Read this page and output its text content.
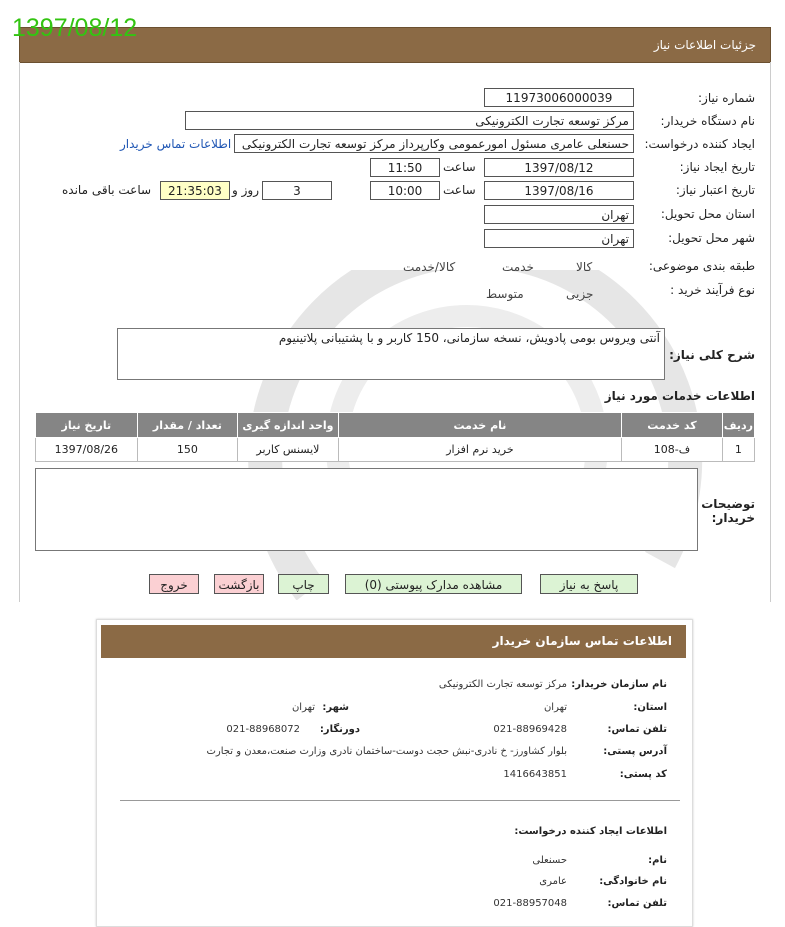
1397/08/12
جزئیات اطلاعات نیاز
شماره نیاز:
1197300600003‎9
نام دستگاه خریدار:
مرکز توسعه تجارت الکترونیکی
ایجاد کننده درخواست:
حسنعلی عامری مسئول امورعمومی وکارپرداز مرکز توسعه تجارت الکترونیکی
اطلاعات تماس خریدار
تاریخ ایجاد نیاز:
1397/08/12
ساعت
11:50
تاریخ اعتبار نیاز:
1397/08/16
ساعت
10:00
3
روز و
21:35:03
ساعت باقی مانده
استان محل تحویل:
تهران
شهر محل تحویل:
تهران
طبقه بندی موضوعی:

کالا

خدمت

کالا/خدمت
نوع فرآیند خرید :

جزیی
متوسط
شرح کلی نیاز:
آنتی ویروس بومی پادویش، نسخه سازمانی، 150 کاربر و با پشتیبانی پلاتینیوم
اطلاعات خدمات مورد نیاز
ردیف	کد خدمت	نام خدمت	واحد اندازه گیری	تعداد / مقدار	تاریخ نیاز
1	ف-108	خرید نرم افزار	لایسنس کاربر	150	1397/08/26
توضیحات خریدار:
پاسخ به نیاز
مشاهده مدارک پیوستی (0)
چاپ
بازگشت
خروج
اطلاعات تماس سازمان خریدار
نام سازمان خریدار:
مرکز توسعه تجارت الکترونیکی
استان:
تهران
شهر:
تهران
تلفن تماس:
021-88969428
دورنگار:
021-88968072
آدرس پستی:
بلوار کشاورز- خ نادری-نبش حجت دوست-ساختمان نادری وزارت صنعت،معدن و تجارت
کد پستی:
1416643851
اطلاعات ایجاد کننده درخواست:
نام:
حسنعلی
نام خانوادگی:
عامری
تلفن تماس:
021-88957048
